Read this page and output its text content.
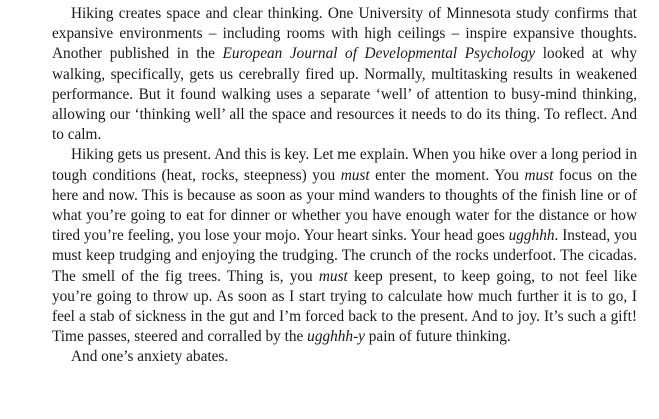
Hiking creates space and clear thinking. One University of Minnesota study confirms that expansive environments – including rooms with high ceilings – inspire expansive thoughts. Another published in the European Journal of Developmental Psychology looked at why walking, specifically, gets us cerebrally fired up. Normally, multitasking results in weakened performance. But it found walking uses a separate ‘well’ of attention to busy-mind thinking, allowing our ‘thinking well’ all the space and resources it needs to do its thing. To reflect. And to calm.

Hiking gets us present. And this is key. Let me explain. When you hike over a long period in tough conditions (heat, rocks, steepness) you must enter the moment. You must focus on the here and now. This is because as soon as your mind wanders to thoughts of the finish line or of what you’re going to eat for dinner or whether you have enough water for the distance or how tired you’re feeling, you lose your mojo. Your heart sinks. Your head goes ugghhh. Instead, you must keep trudging and enjoying the trudging. The crunch of the rocks underfoot. The cicadas. The smell of the fig trees. Thing is, you must keep present, to keep going, to not feel like you’re going to throw up. As soon as I start trying to calculate how much further it is to go, I feel a stab of sickness in the gut and I’m forced back to the present. And to joy. It’s such a gift! Time passes, steered and corralled by the ugghhh-y pain of future thinking.

And one’s anxiety abates.
